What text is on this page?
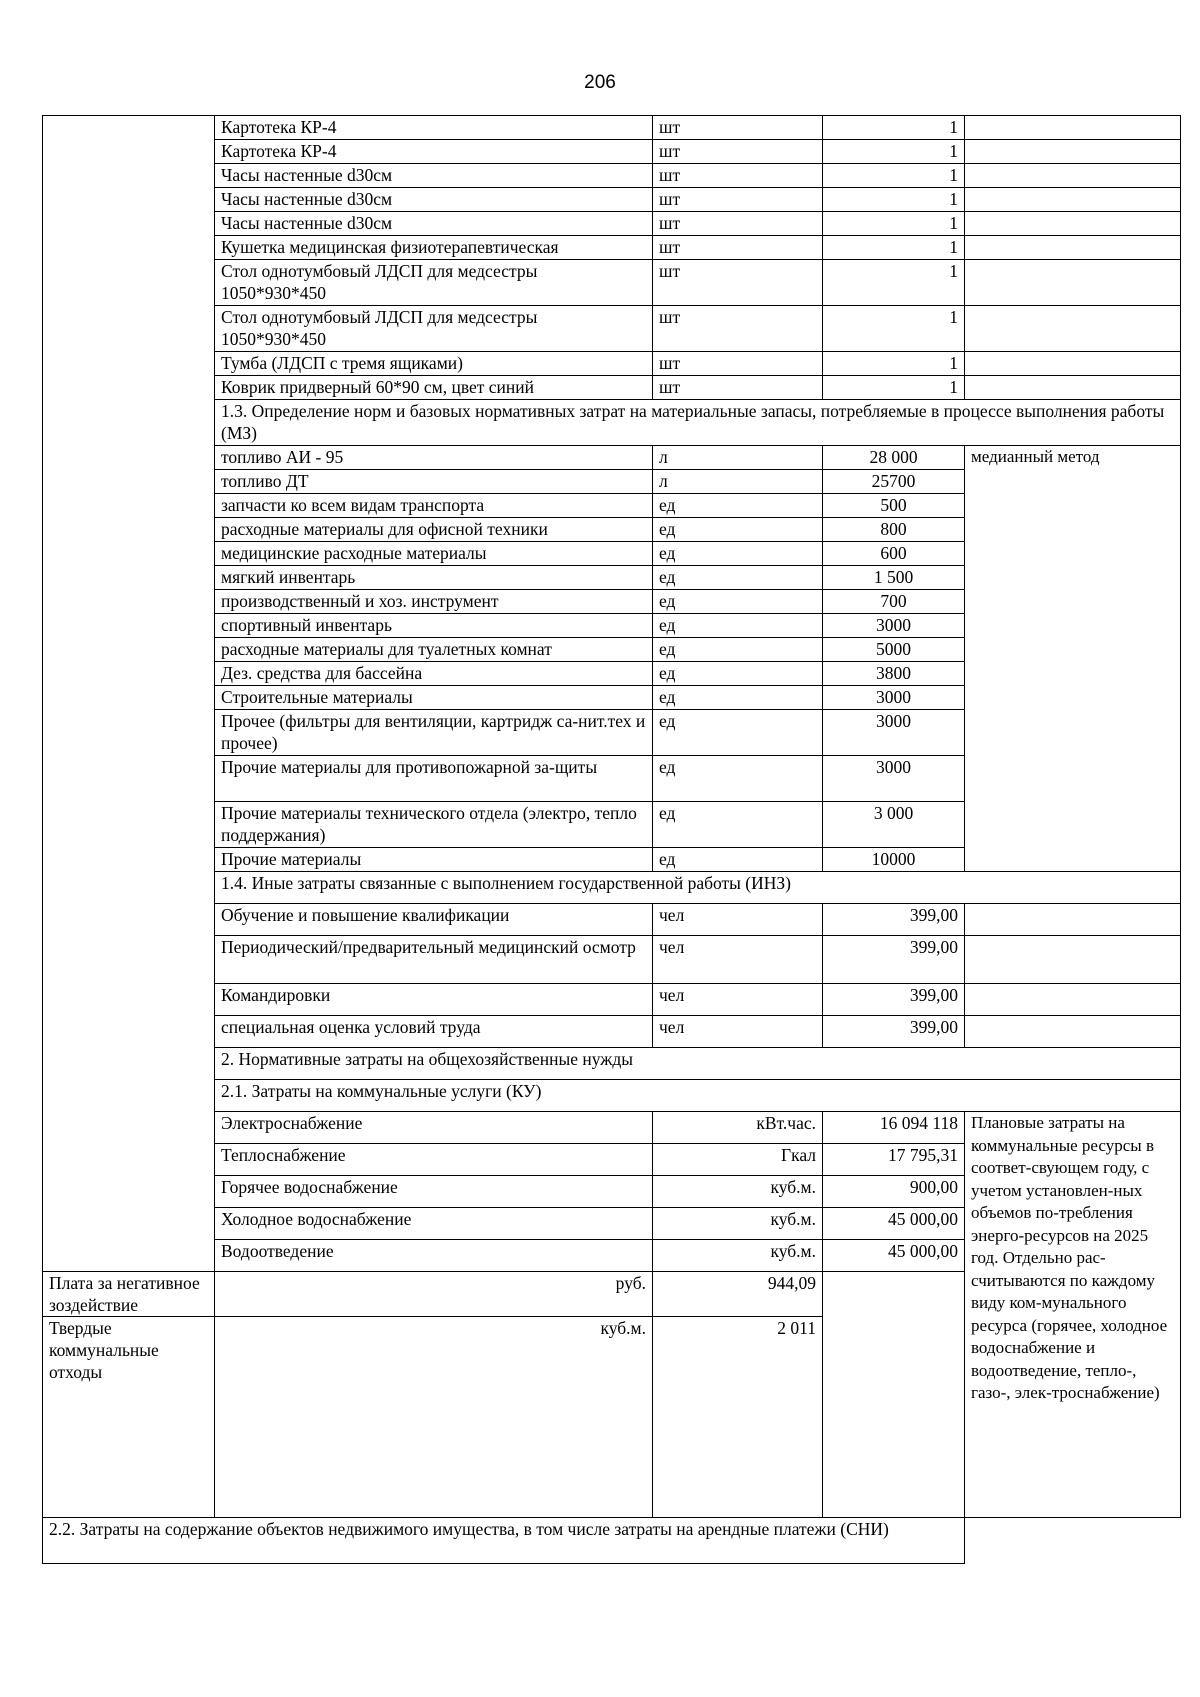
206
	Картотека КР-4	шт	1	
	Картотека КР-4	шт	1	
	Часы настенные d30см	шт	1	
	Часы настенные d30см	шт	1	
	Часы настенные d30см	шт	1	
	Кушетка медицинская физиотерапевтическая	шт	1	
	Стол однотумбовый ЛДСП для медсестры 1050*930*450	шт	1	
	Стол однотумбовый ЛДСП для медсестры 1050*930*450	шт	1	
	Тумба (ЛДСП с тремя ящиками)	шт	1	
	Коврик придверный 60*90 см, цвет синий	шт	1	
	1.3. Определение норм и базовых нормативных затрат на материальные запасы, потребляемые в процессе выполнения работы (МЗ)			
	топливо АИ - 95	л	28 000	медианный метод
	топливо ДТ	л	25700	
	запчасти ко всем видам транспорта	ед	500	
	расходные материалы для офисной техники	ед	800	
	медицинские расходные материалы	ед	600	
	мягкий инвентарь	ед	1 500	
	производственный и хоз. инструмент	ед	700	
	спортивный инвентарь	ед	3000	
	расходные материалы для туалетных комнат	ед	5000	
	Дез. средства для бассейна	ед	3800	
	Строительные материалы	ед	3000	
	Прочее (фильтры для вентиляции, картридж са-нит.тех и прочее)	ед	3000	
	Прочие материалы для противопожарной за-щиты	ед	3000	
	Прочие материалы технического отдела (электро, тепло поддержания)	ед	3 000	
	Прочие материалы	ед	10000	
	1.4. Иные затраты связанные с выполнением государственной работы (ИНЗ)			
	Обучение и повышение квалификации	чел	399,00	
	Периодический/предварительный медицинский осмотр	чел	399,00	
	Командировки	чел	399,00	
	специальная оценка условий труда	чел	399,00	
	2. Нормативные затраты на общехозяйственные нужды			
	2.1. Затраты на коммунальные услуги (КУ)			
	Электроснабжение	кВт.час.	16 094 118	Плановые затраты на коммунальные ресурсы в соответ-свующем году, с учетом установлен-ных объемов по-требления энерго-ресурсов на 2025 год. Отдельно рас-считываются по каждому виду ком-мунального ресурса (горячее, холодное водоснабжение и водоотведение, тепло-, газо-, элек-троснабжение)
	Теплоснабжение	Гкал	17 795,31	
	Горячее водоснабжение	куб.м.	900,00	
	Холодное водоснабжение	куб.м.	45 000,00	
	Водоотведение	куб.м.	45 000,00	
Плата за негативное зоздействие	руб.	944,09		
Твердые коммунальные отходы	куб.м.	2 011		
2.2. Затраты на содержание объектов недвижимого имущества, в том числе затраты на арендные платежи (СНИ)				
